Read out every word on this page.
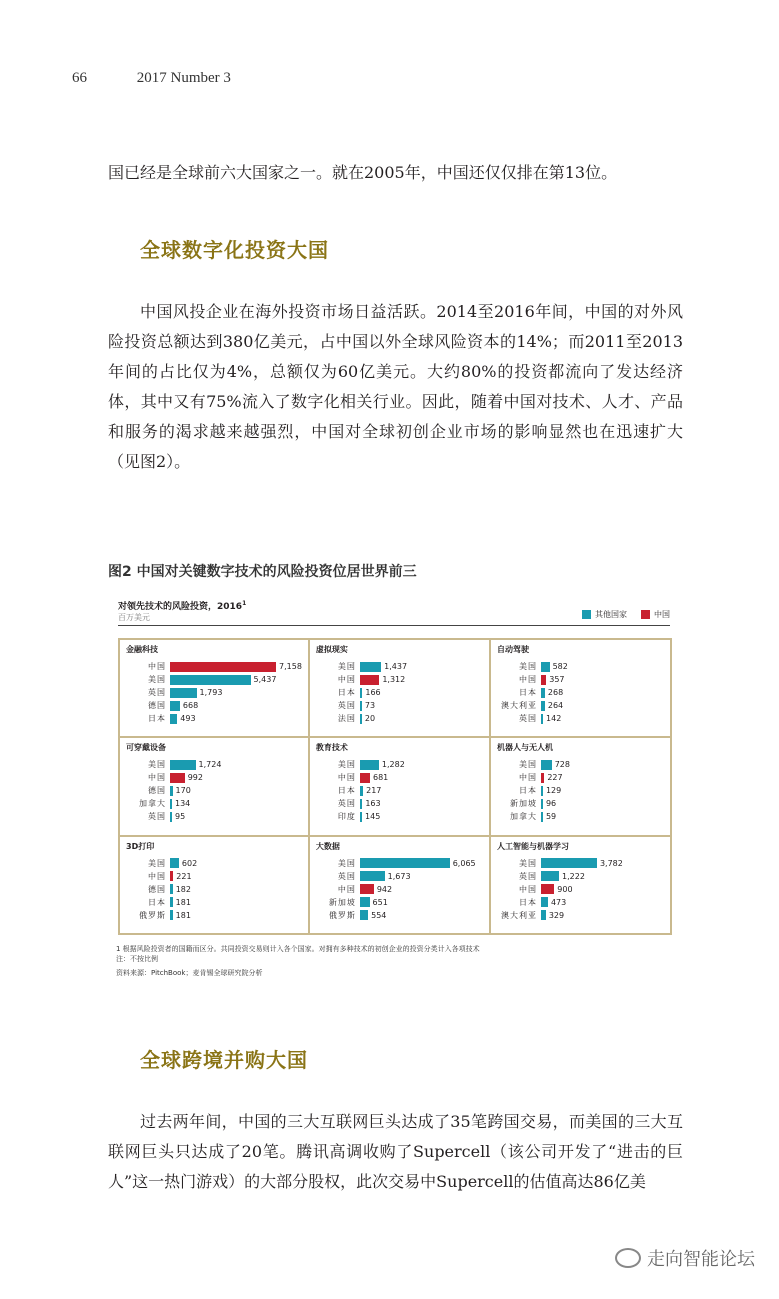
66	2017 Number 3

国已经是全球前六大国家之一。就在2005年，中国还仅仅排在第13位。

全球数字化投资大国

中国风投企业在海外投资市场日益活跃。2014至2016年间，中国的对外风险投资总额达到380亿美元，占中国以外全球风险资本的14%；而2011至2013年间的占比仅为4%，总额仅为60亿美元。大约80%的投资都流向了发达经济体，其中又有75%流入了数字化相关行业。因此，随着中国对技术、人才、产品和服务的渴求越来越强烈，中国对全球初创企业市场的影响显然也在迅速扩大（见图2）。

图2 中国对关键数字技术的风险投资位居世界前三
对领先技术的风险投资，2016$^1$
百万美元	其他国家	中国
金融科技
中国	7,158
美国	5,437
英国	1,793
德国	668
日本	493
虚拟现实
美国	1,437
中国	1,312
日本	166
英国	73
法国	20
自动驾驶
美国	582
中国	357
日本	268
澳大利亚	264
英国	142
可穿戴设备
美国	1,724
中国	992
德国	170
加拿大	134
英国	95
教育技术
美国	1,282
中国	681
日本	217
英国	163
印度	145
机器人与无人机
美国	728
中国	227
日本	129
新加坡	96
加拿大	59
3D打印
美国	602
中国	221
德国	182
日本	181
俄罗斯	181
大数据
美国	6,065
英国	1,673
中国	942
新加坡	651
俄罗斯	554
人工智能与机器学习
美国	3,782
英国	1,222
中国	900
日本	473
澳大利亚	329
1 根据风险投资者的国籍而区分。共同投资交易则计入各个国家。对拥有多种技术的初创企业的投资分类计入各项技术
注：不按比例
资料来源：PitchBook；麦肯锡全球研究院分析
全球跨境并购大国

过去两年间，中国的三大互联网巨头达成了35笔跨国交易，而美国的三大互联网巨头只达成了20笔。腾讯高调收购了Supercell（该公司开发了“进击的巨人”这一热门游戏）的大部分股权，此次交易中Supercell的估值高达86亿美

走向智能论坛
